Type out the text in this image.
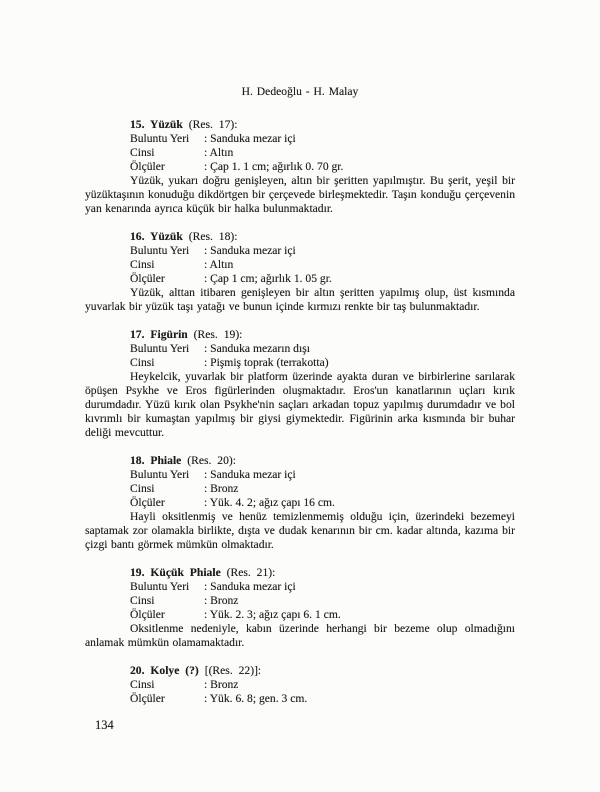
H. Dedeoğlu - H. Malay
15. Yüzük (Res. 17):
Buluntu Yeri	: Sanduka mezar içi
Cinsi	: Altın
Ölçüler	: Çap 1. 1 cm; ağırlık 0. 70 gr.

Yüzük, yukarı doğru genişleyen, altın bir şeritten yapılmıştır. Bu şerit, yeşil bir yüzüktaşının konuduğu dikdörtgen bir çerçevede birleşmektedir. Taşın konduğu çerçevenin yan kenarında ayrıca küçük bir halka bulunmaktadır.

16. Yüzük (Res. 18):
Buluntu Yeri	: Sanduka mezar içi
Cinsi	: Altın
Ölçüler	: Çap 1 cm; ağırlık 1. 05 gr.

Yüzük, alttan itibaren genişleyen bir altın şeritten yapılmış olup, üst kısmında yuvarlak bir yüzük taşı yatağı ve bunun içinde kırmızı renkte bir taş bulunmaktadır.

17. Figürin (Res. 19):
Buluntu Yeri	: Sanduka mezarın dışı
Cinsi	: Pişmiş toprak (terrakotta)

Heykelcik, yuvarlak bir platform üzerinde ayakta duran ve birbirlerine sarılarak öpüşen Psykhe ve Eros figürlerinden oluşmaktadır. Eros'un kanatlarının uçları kırık durumdadır. Yüzü kırık olan Psykhe'nin saçları arkadan topuz yapılmış durumdadır ve bol kıvrımlı bir kumaştan yapılmış bir giysi giymektedir. Figürinin arka kısmında bir buhar deliği mevcuttur.

18. Phiale (Res. 20):
Buluntu Yeri	: Sanduka mezar içi
Cinsi	: Bronz
Ölçüler	: Yük. 4. 2; ağız çapı 16 cm.

Hayli oksitlenmiş ve henüz temizlenmemiş olduğu için, üzerindeki bezemeyi saptamak zor olamakla birlikte, dışta ve dudak kenarının bir cm. kadar altında, kazıma bir çizgi bantı görmek mümkün olmaktadır.

19. Küçük Phiale (Res. 21):
Buluntu Yeri	: Sanduka mezar içi
Cinsi	: Bronz
Ölçüler	: Yük. 2. 3; ağız çapı 6. 1 cm.

Oksitlenme nedeniyle, kabın üzerinde herhangi bir bezeme olup olmadığını anlamak mümkün olamamaktadır.

20. Kolye (?) [(Res. 22)]:
Cinsi	: Bronz
Ölçüler	: Yük. 6. 8; gen. 3 cm.
134
